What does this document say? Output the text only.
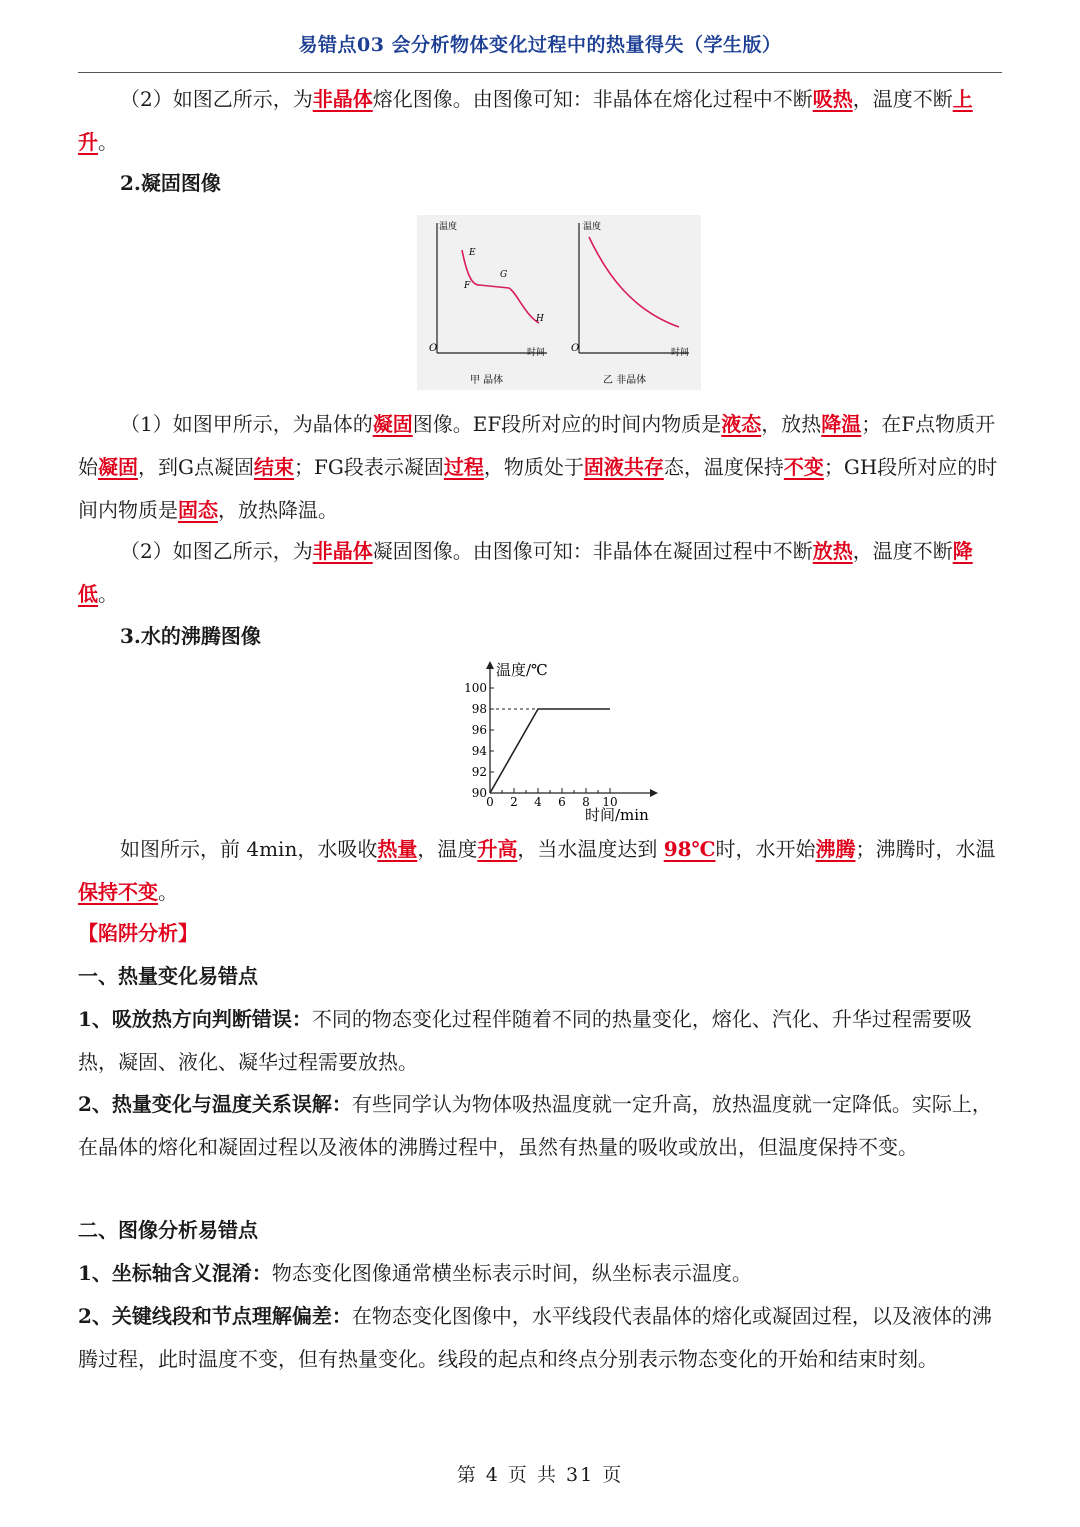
易错点03 会分析物体变化过程中的热量得失（学生版）
（2）如图乙所示，为非晶体熔化图像。由图像可知：非晶体在熔化过程中不断吸热，温度不断上升。
2.凝固图像
温度
时间
O
E
F
G
H
甲 晶体
温度
时间
O
乙 非晶体
（1）如图甲所示，为晶体的凝固图像。EF段所对应的时间内物质是液态，放热降温；在F点物质开始凝固，到G点凝固结束；FG段表示凝固过程，物质处于固液共存态，温度保持不变；GH段所对应的时间内物质是固态，放热降温。
（2）如图乙所示，为非晶体凝固图像。由图像可知：非晶体在凝固过程中不断放热，温度不断降低。
3.水的沸腾图像
90
92
94
96
98
100
0 2 4 6 8 10
温度/℃
时间/min
如图所示，前 4min，水吸收热量，温度升高，当水温度达到 98℃时，水开始沸腾；沸腾时，水温保持不变。
【陷阱分析】
一、热量变化易错点
1、吸放热方向判断错误：不同的物态变化过程伴随着不同的热量变化，熔化、汽化、升华过程需要吸热，凝固、液化、凝华过程需要放热。
2、热量变化与温度关系误解：有些同学认为物体吸热温度就一定升高，放热温度就一定降低。实际上，在晶体的熔化和凝固过程以及液体的沸腾过程中，虽然有热量的吸收或放出，但温度保持不变。
二、图像分析易错点
1、坐标轴含义混淆：物态变化图像通常横坐标表示时间，纵坐标表示温度。
2、关键线段和节点理解偏差：在物态变化图像中，水平线段代表晶体的熔化或凝固过程，以及液体的沸腾过程，此时温度不变，但有热量变化。线段的起点和终点分别表示物态变化的开始和结束时刻。
第 4 页 共 31 页
